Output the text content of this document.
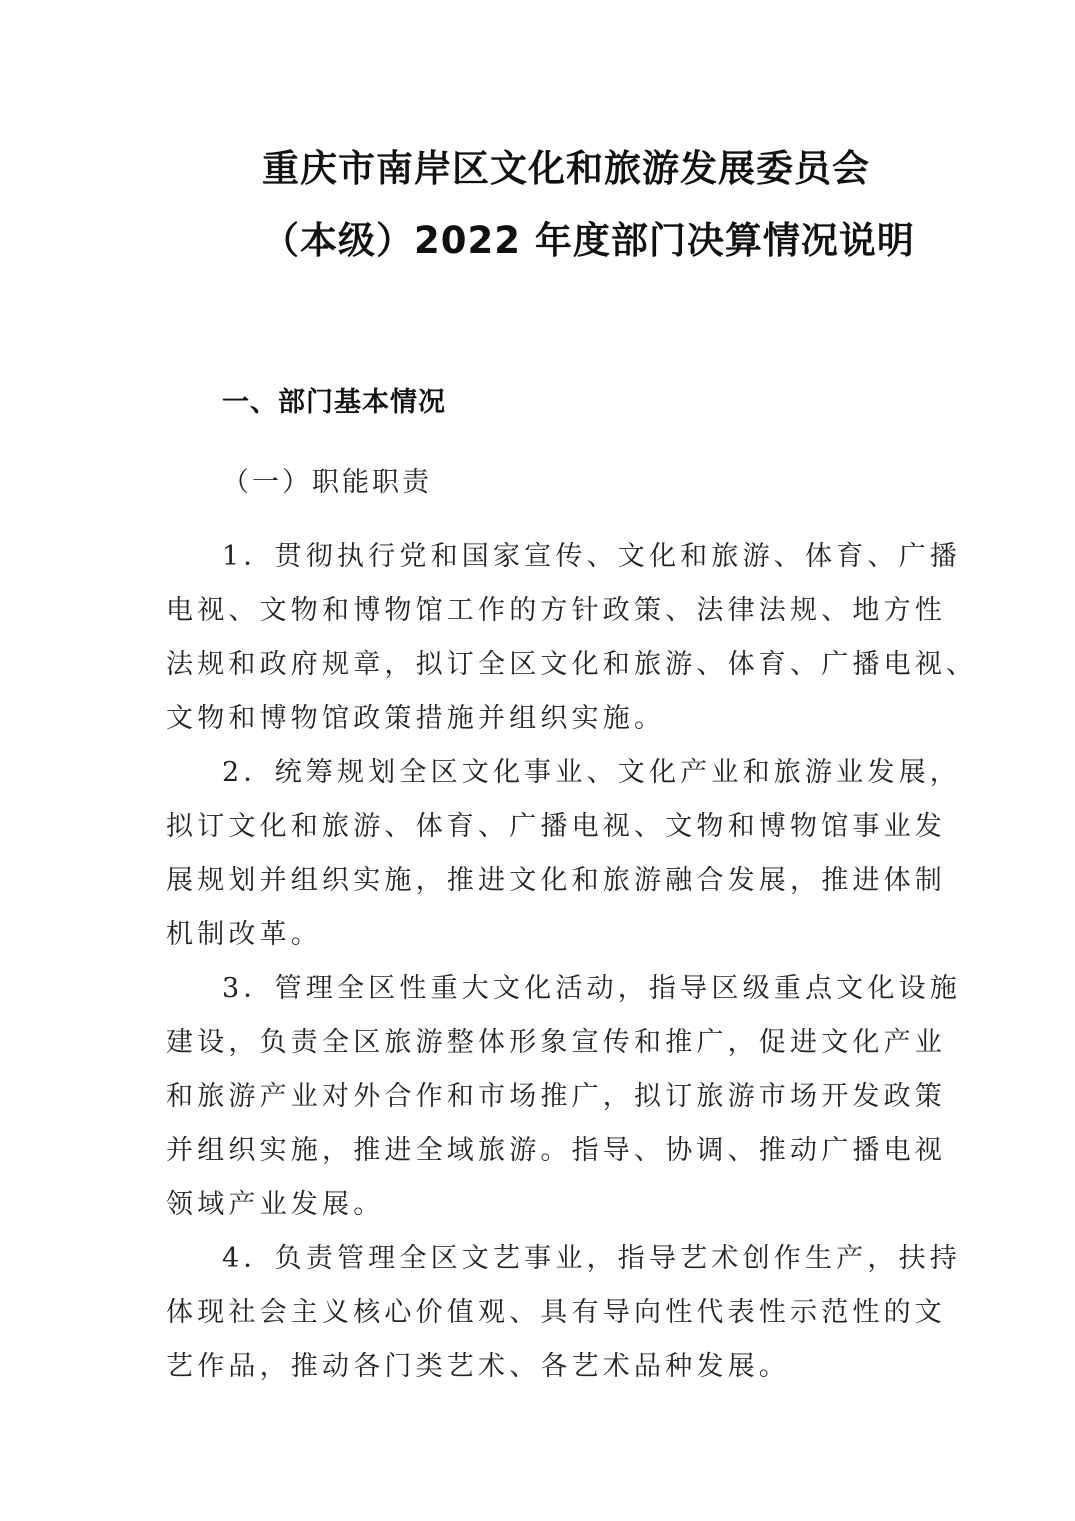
重庆市南岸区文化和旅游发展委员会
（本级）2022 年度部门决算情况说明
一、部门基本情况
（一）职能职责
1．贯彻执行党和国家宣传、文化和旅游、体育、广播
电视、文物和博物馆工作的方针政策、法律法规、地方性
法规和政府规章，拟订全区文化和旅游、体育、广播电视、
文物和博物馆政策措施并组织实施。
2．统筹规划全区文化事业、文化产业和旅游业发展，
拟订文化和旅游、体育、广播电视、文物和博物馆事业发
展规划并组织实施，推进文化和旅游融合发展，推进体制
机制改革。
3．管理全区性重大文化活动，指导区级重点文化设施
建设，负责全区旅游整体形象宣传和推广，促进文化产业
和旅游产业对外合作和市场推广，拟订旅游市场开发政策
并组织实施，推进全域旅游。指导、协调、推动广播电视
领域产业发展。
4．负责管理全区文艺事业，指导艺术创作生产，扶持
体现社会主义核心价值观、具有导向性代表性示范性的文
艺作品，推动各门类艺术、各艺术品种发展。
